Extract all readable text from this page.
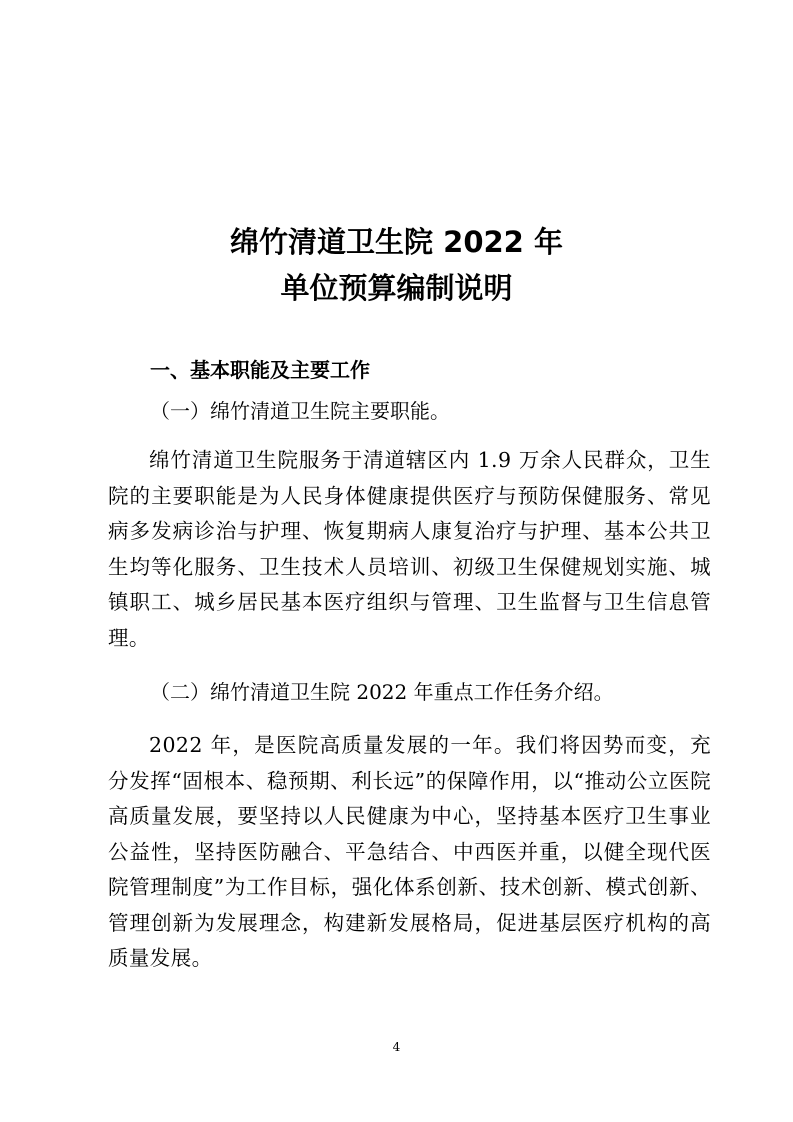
绵竹清道卫生院 2022 年
单位预算编制说明
一、基本职能及主要工作
（一）绵竹清道卫生院主要职能。
绵竹清道卫生院服务于清道辖区内 1.9 万余人民群众，卫生院的主要职能是为人民身体健康提供医疗与预防保健服务、常见病多发病诊治与护理、恢复期病人康复治疗与护理、基本公共卫生均等化服务、卫生技术人员培训、初级卫生保健规划实施、城镇职工、城乡居民基本医疗组织与管理、卫生监督与卫生信息管理。
（二）绵竹清道卫生院 2022 年重点工作任务介绍。
2022 年，是医院高质量发展的一年。我们将因势而变，充分发挥“固根本、稳预期、利长远”的保障作用，以“推动公立医院高质量发展，要坚持以人民健康为中心，坚持基本医疗卫生事业公益性，坚持医防融合、平急结合、中西医并重，以健全现代医院管理制度”为工作目标，强化体系创新、技术创新、模式创新、管理创新为发展理念，构建新发展格局，促进基层医疗机构的高质量发展。
4
